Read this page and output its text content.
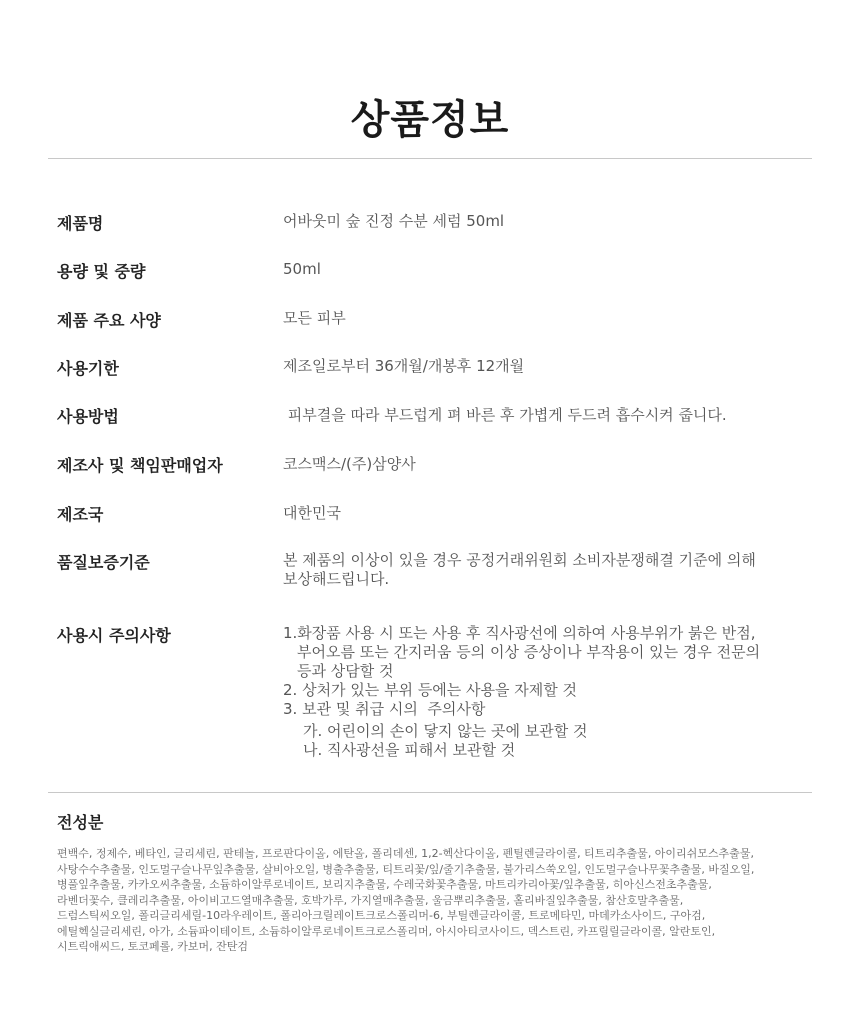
상품정보
제품명	어바웃미 숲 진정 수분 세럼 50ml
용량 및 중량	50ml
제품 주요 사양	모든 피부
사용기한	제조일로부터 36개월/개봉후 12개월
사용방법	피부결을 따라 부드럽게 펴 바른 후 가볍게 두드려 흡수시켜 줍니다.
제조사 및 책임판매업자	코스맥스/(주)삼양사
제조국	대한민국
품질보증기준	본 제품의 이상이 있을 경우 공정거래위원회 소비자분쟁해결 기준에 의해
보상해드립니다.
사용시 주의사항	1.화장품 사용 시 또는 사용 후 직사광선에 의하여 사용부위가 붉은 반점,
부어오름 또는 간지러움 등의 이상 증상이나 부작용이 있는 경우 전문의
등과 상담할 것
2. 상처가 있는 부위 등에는 사용을 자제할 것
3. 보관 및 취급 시의  주의사항
가. 어린이의 손이 닿지 않는 곳에 보관할 것
나. 직사광선을 피해서 보관할 것
전성분
편백수, 정제수, 베타인, 글리세린, 판테놀, 프로판다이올, 에탄올, 폴리데센, 1,2-헥산다이올, 펜틸렌글라이콜, 티트리추출물, 아이리쉬모스추출물,
사탕수수추출물, 인도멀구슬나무잎추출물, 살비아오일, 병출추출물, 티트리꽃/잎/줄기추출물, 불가리스쑥오일, 인도멀구슬나무꽃추출물, 바질오일,
병풀잎추출물, 카카오씨추출물, 소듐하이알루로네이트, 보리지추출물, 수레국화꽃추출물, 마트리카리아꽃/잎추출물, 히아신스전초추출물,
라벤더꽃수, 클레리추출물, 아이비고드열매추출물, 호박가루, 가지열매추출물, 울금뿌리추출물, 홀리바질잎추출물, 참산호말추출물,
드럼스틱씨오일, 폴리글리세릴-10라우레이트, 폴리아크릴레이트크로스폴리머-6, 부틸렌글라이콜, 트로메타민, 마데카소사이드, 구아검,
에틸헥실글리세린, 아가, 소듐파이테이트, 소듐하이알루로네이트크로스폴리머, 아시아티코사이드, 덱스트린, 카프릴릴글라이콜, 알란토인,
시트릭애씨드, 토코페롤, 카보머, 잔탄검
